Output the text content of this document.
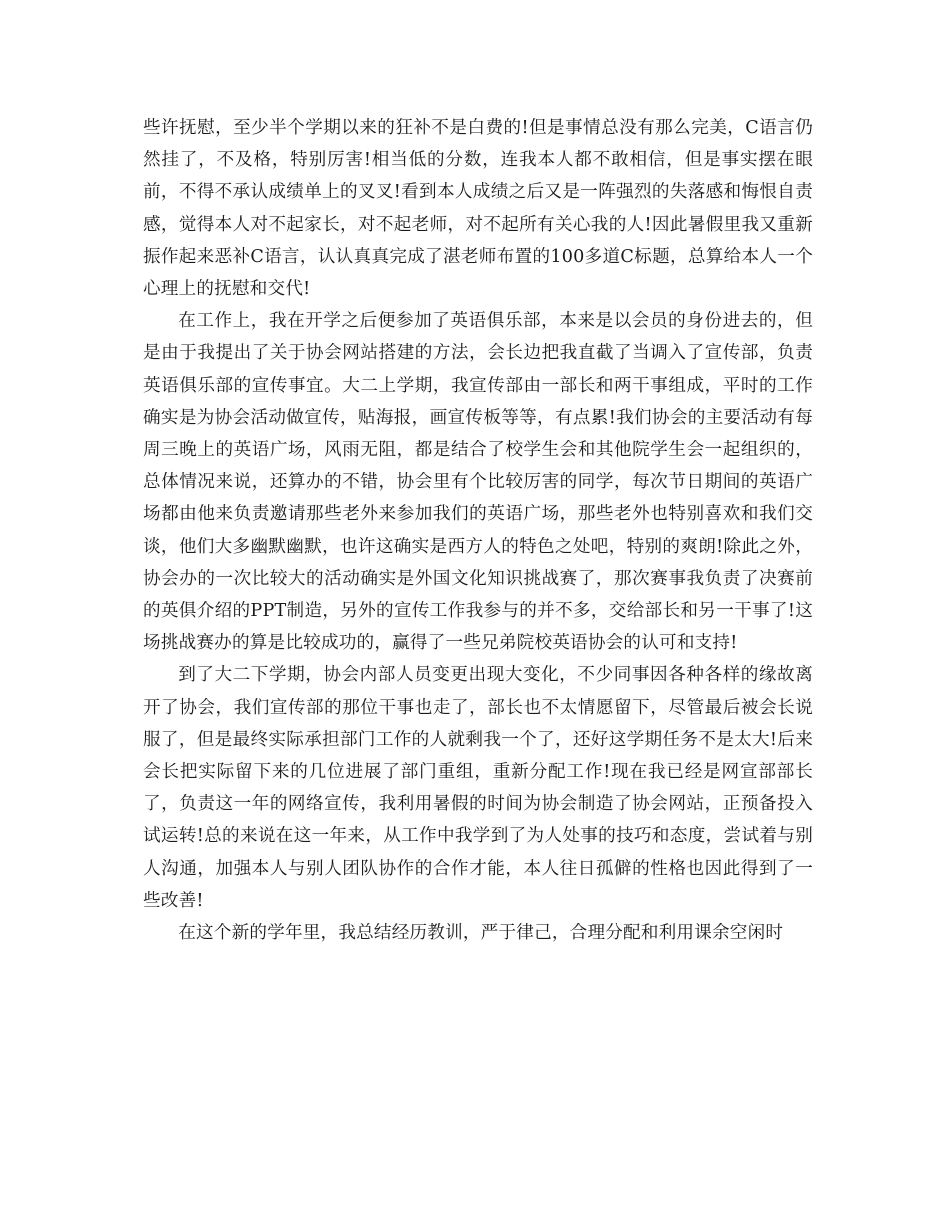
些许抚慰，至少半个学期以来的狂补不是白费的!但是事情总没有那么完美，C语言仍然挂了，不及格，特别厉害!相当低的分数，连我本人都不敢相信，但是事实摆在眼前，不得不承认成绩单上的叉叉!看到本人成绩之后又是一阵强烈的失落感和悔恨自责感，觉得本人对不起家长，对不起老师，对不起所有关心我的人!因此暑假里我又重新振作起来恶补C语言，认认真真完成了湛老师布置的100多道C标题，总算给本人一个心理上的抚慰和交代!

在工作上，我在开学之后便参加了英语俱乐部，本来是以会员的身份进去的，但是由于我提出了关于协会网站搭建的方法，会长边把我直截了当调入了宣传部，负责英语俱乐部的宣传事宜。大二上学期，我宣传部由一部长和两干事组成，平时的工作确实是为协会活动做宣传，贴海报，画宣传板等等，有点累!我们协会的主要活动有每周三晚上的英语广场，风雨无阻，都是结合了校学生会和其他院学生会一起组织的，总体情况来说，还算办的不错，协会里有个比较厉害的同学，每次节日期间的英语广场都由他来负责邀请那些老外来参加我们的英语广场，那些老外也特别喜欢和我们交谈，他们大多幽默幽默，也许这确实是西方人的特色之处吧，特别的爽朗!除此之外，协会办的一次比较大的活动确实是外国文化知识挑战赛了，那次赛事我负责了决赛前的英俱介绍的PPT制造，另外的宣传工作我参与的并不多，交给部长和另一干事了!这场挑战赛办的算是比较成功的，赢得了一些兄弟院校英语协会的认可和支持!

到了大二下学期，协会内部人员变更出现大变化，不少同事因各种各样的缘故离开了协会，我们宣传部的那位干事也走了，部长也不太情愿留下，尽管最后被会长说服了，但是最终实际承担部门工作的人就剩我一个了，还好这学期任务不是太大!后来会长把实际留下来的几位进展了部门重组，重新分配工作!现在我已经是网宣部部长了，负责这一年的网络宣传，我利用暑假的时间为协会制造了协会网站，正预备投入试运转!总的来说在这一年来，从工作中我学到了为人处事的技巧和态度，尝试着与别人沟通，加强本人与别人团队协作的合作才能，本人往日孤僻的性格也因此得到了一些改善!

在这个新的学年里，我总结经历教训，严于律己，合理分配和利用课余空闲时
